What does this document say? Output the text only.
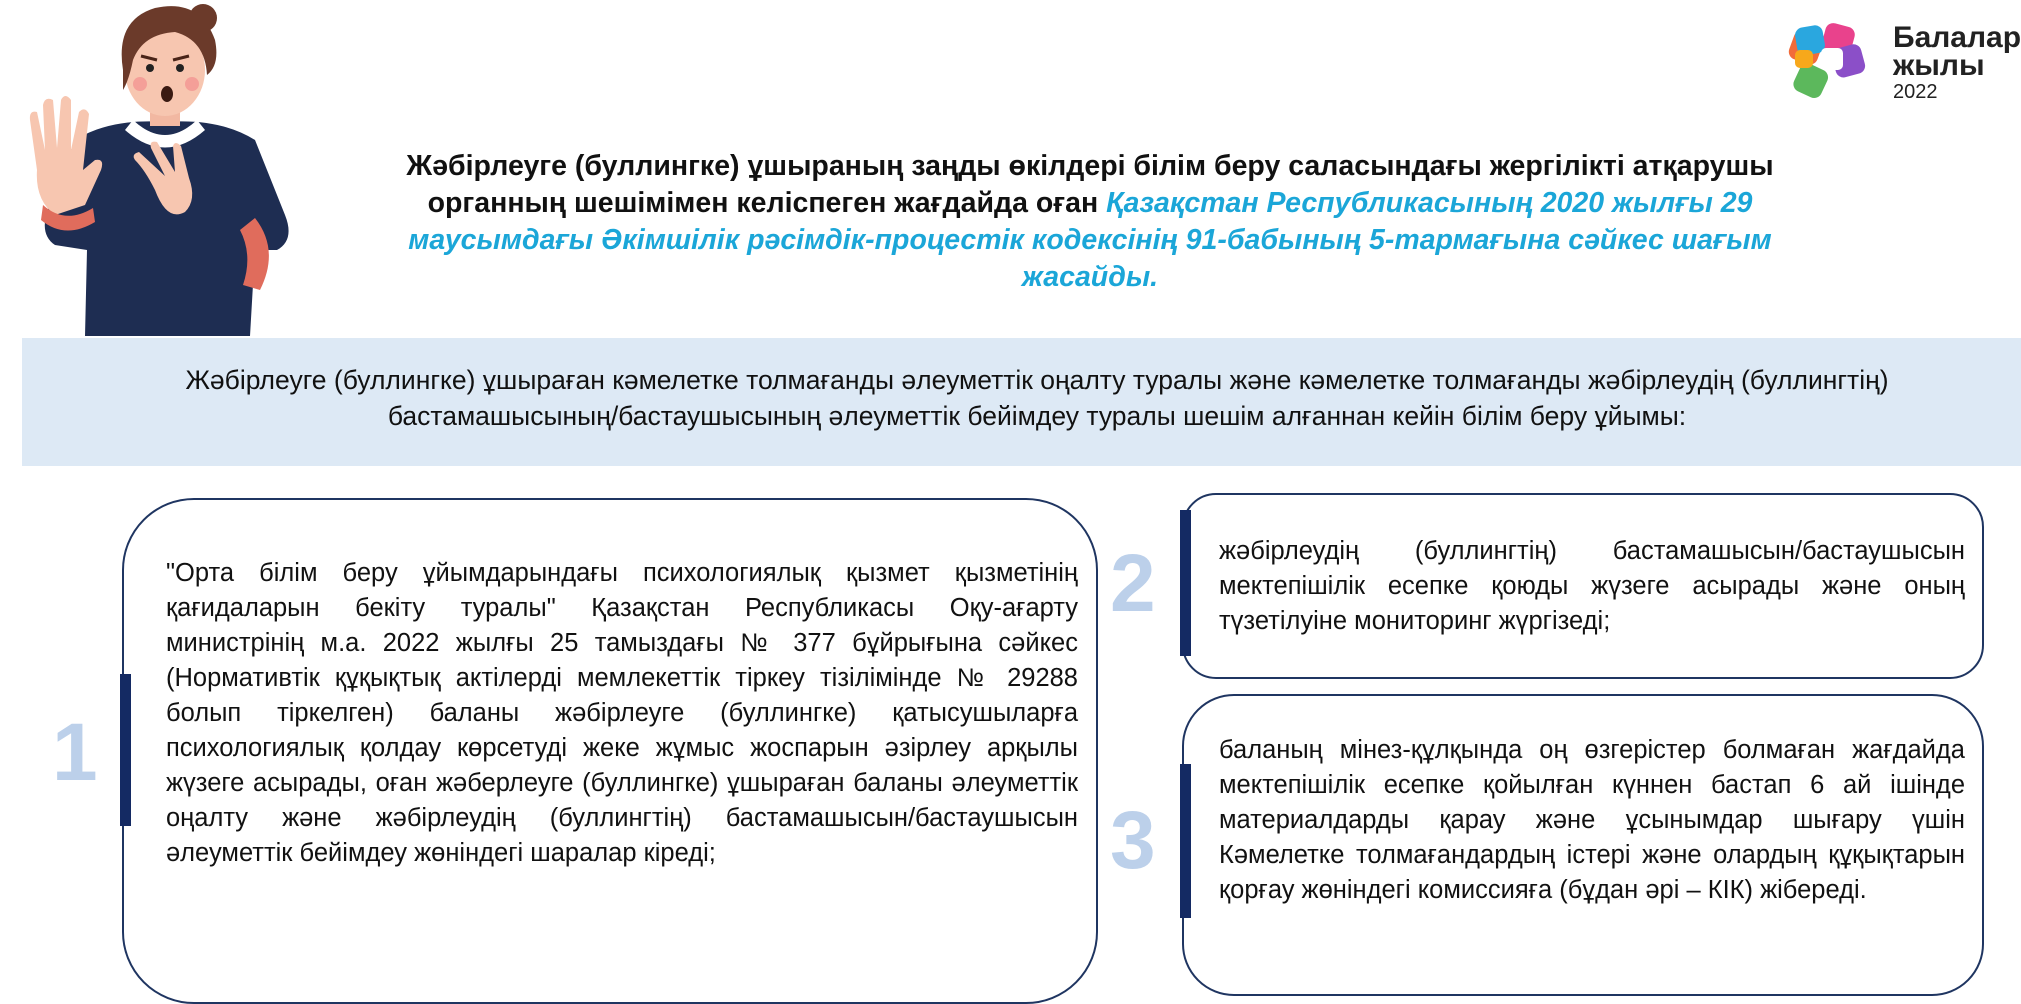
Балалар
жылы
2022
Жәбірлеуге (буллингке) ұшыраның заңды өкілдері білім беру саласындағы жергілікті атқарушы органның шешімімен келіспеген жағдайда оған Қазақстан Республикасының 2020 жылғы 29 маусымдағы Әкімшілік рәсімдік-процестік кодексінің 91-бабының 5-тармағына сәйкес шағым жасайды.
Жәбірлеуге (буллингке) ұшыраған кәмелетке толмағанды әлеуметтік оңалту туралы және кәмелетке толмағанды жәбірлеудің (буллингтің) бастамашысының/бастаушысының әлеуметтік бейімдеу туралы шешім алғаннан кейін білім беру ұйымы:
1
"Орта білім беру ұйымдарындағы психологиялық қызмет қызметінің қағидаларын бекіту туралы" Қазақстан Республикасы Оқу-ағарту министрінің м.а. 2022 жылғы 25 тамыздағы № 377 бұйрығына сәйкес (Нормативтік құқықтық актілерді мемлекеттік тіркеу тізілімінде № 29288 болып тіркелген) баланы жәбірлеуге (буллингке) қатысушыларға психологиялық қолдау көрсетуді жеке жұмыс жоспарын әзірлеу арқылы жүзеге асырады, оған жәберлеуге (буллингке) ұшыраған баланы әлеуметтік оңалту және жәбірлеудің (буллингтің) бастамашысын/бастаушысын әлеуметтік бейімдеу жөніндегі шаралар кіреді;
2 жәбірлеудің (буллингтің) бастамашысын/бастаушысын мектепішілік есепке қоюды жүзеге асырады және оның түзетілуіне мониторинг жүргізеді;
3
баланың мінез-құлқында оң өзгерістер болмаған жағдайда мектепішілік есепке қойылған күннен бастап 6 ай ішінде материалдарды қарау және ұсынымдар шығару үшін Кәмелетке толмағандардың істері және олардың құқықтарын қорғау жөніндегі комиссияға (бұдан әрі – КІК) жібереді.
